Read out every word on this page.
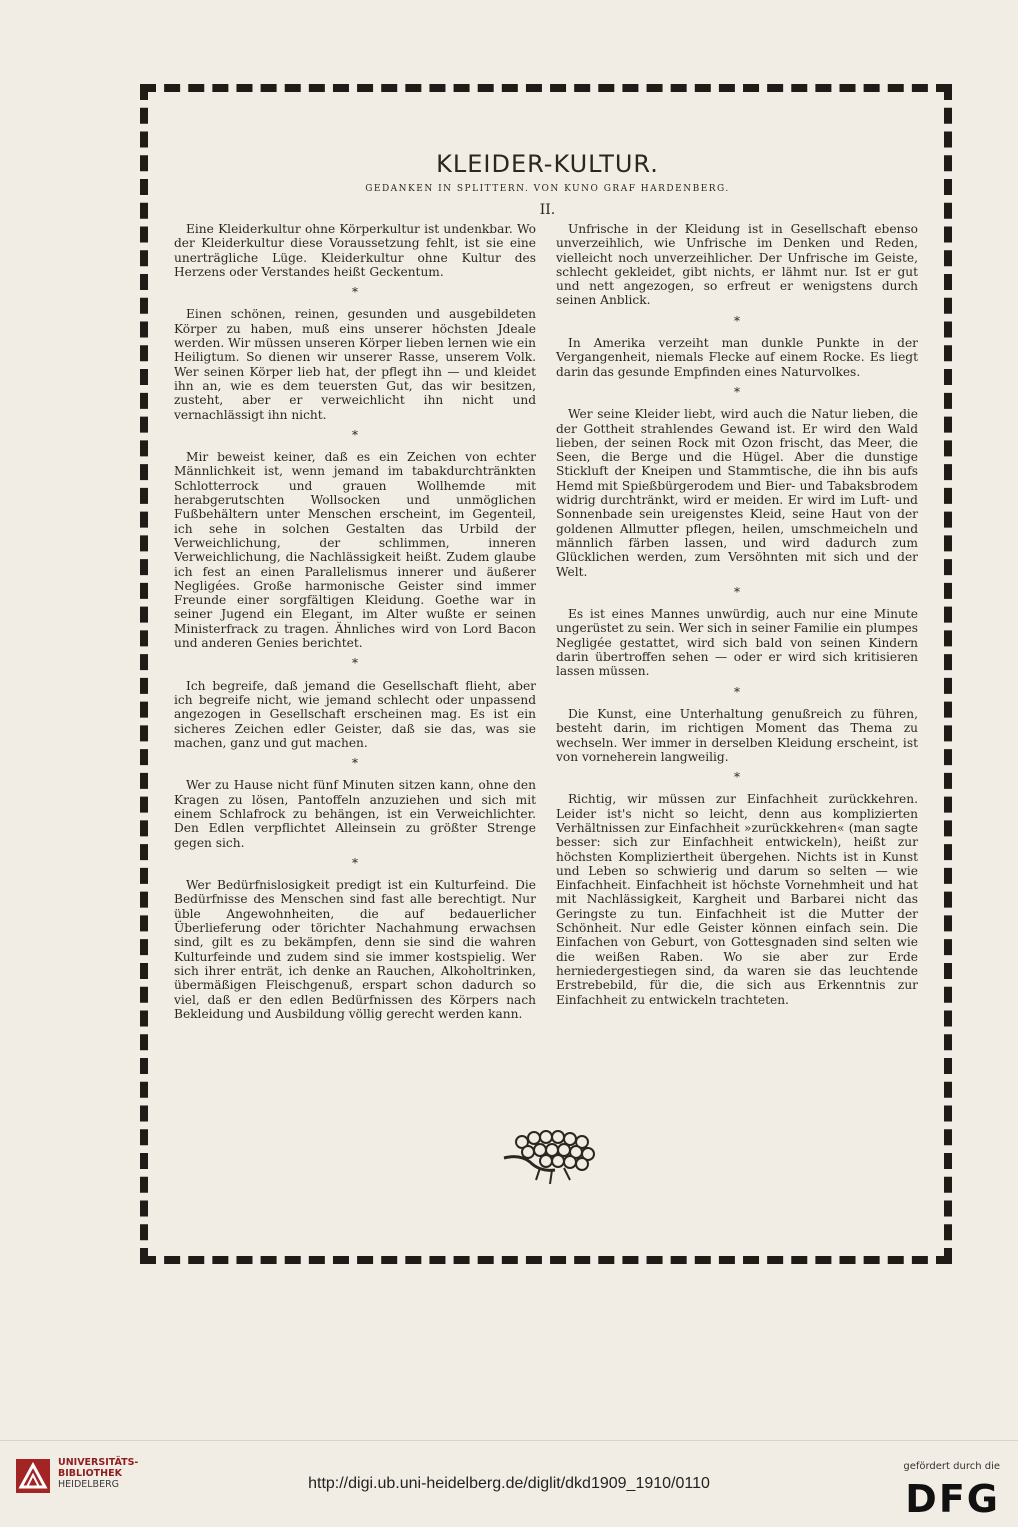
KLEIDER-KULTUR.
GEDANKEN IN SPLITTERN. VON KUNO GRAF HARDENBERG.
II.

Eine Kleiderkultur ohne Körperkultur ist undenkbar. Wo der Kleiderkultur diese Voraussetzung fehlt, ist sie eine unerträgliche Lüge. Kleiderkultur ohne Kultur des Herzens oder Verstandes heißt Geckentum.

*

Einen schönen, reinen, gesunden und ausgebildeten Körper zu haben, muß eins unserer höchsten Jdeale werden. Wir müssen unseren Körper lieben lernen wie ein Heiligtum. So dienen wir unserer Rasse, unserem Volk. Wer seinen Körper lieb hat, der pflegt ihn — und kleidet ihn an, wie es dem teuersten Gut, das wir besitzen, zusteht, aber er verweichlicht ihn nicht und vernachlässigt ihn nicht.

*

Mir beweist keiner, daß es ein Zeichen von echter Männlichkeit ist, wenn jemand im tabakdurchtränkten Schlotterrock und grauen Wollhemde mit herabgerutschten Wollsocken und unmöglichen Fußbehältern unter Menschen erscheint, im Gegenteil, ich sehe in solchen Gestalten das Urbild der Verweichlichung, der schlimmen, inneren Verweichlichung, die Nachlässigkeit heißt. Zudem glaube ich fest an einen Parallelismus innerer und äußerer Negligées. Große harmonische Geister sind immer Freunde einer sorgfältigen Kleidung. Goethe war in seiner Jugend ein Elegant, im Alter wußte er seinen Ministerfrack zu tragen. Ähnliches wird von Lord Bacon und anderen Genies berichtet.

*

Ich begreife, daß jemand die Gesellschaft flieht, aber ich begreife nicht, wie jemand schlecht oder unpassend angezogen in Gesellschaft erscheinen mag. Es ist ein sicheres Zeichen edler Geister, daß sie das, was sie machen, ganz und gut machen.

*

Wer zu Hause nicht fünf Minuten sitzen kann, ohne den Kragen zu lösen, Pantoffeln anzuziehen und sich mit einem Schlafrock zu behängen, ist ein Verweichlichter. Den Edlen verpflichtet Alleinsein zu größter Strenge gegen sich.

*

Wer Bedürfnislosigkeit predigt ist ein Kulturfeind. Die Bedürfnisse des Menschen sind fast alle berechtigt. Nur üble Angewohnheiten, die auf bedauerlicher Überlieferung oder törichter Nachahmung erwachsen sind, gilt es zu bekämpfen, denn sie sind die wahren Kulturfeinde und zudem sind sie immer kostspielig. Wer sich ihrer enträt, ich denke an Rauchen, Alkoholtrinken, übermäßigen Fleischgenuß, erspart schon dadurch so viel, daß er den edlen Bedürfnissen des Körpers nach Bekleidung und Ausbildung völlig gerecht werden kann.

Unfrische in der Kleidung ist in Gesellschaft ebenso unverzeihlich, wie Unfrische im Denken und Reden, vielleicht noch unverzeihlicher. Der Unfrische im Geiste, schlecht gekleidet, gibt nichts, er lähmt nur. Ist er gut und nett angezogen, so erfreut er wenigstens durch seinen Anblick.

*

In Amerika verzeiht man dunkle Punkte in der Vergangenheit, niemals Flecke auf einem Rocke. Es liegt darin das gesunde Empfinden eines Naturvolkes.

*

Wer seine Kleider liebt, wird auch die Natur lieben, die der Gottheit strahlendes Gewand ist. Er wird den Wald lieben, der seinen Rock mit Ozon frischt, das Meer, die Seen, die Berge und die Hügel. Aber die dunstige Stickluft der Kneipen und Stammtische, die ihn bis aufs Hemd mit Spießbürgerodem und Bier- und Tabaksbrodem widrig durchtränkt, wird er meiden. Er wird im Luft- und Sonnenbade sein ureigenstes Kleid, seine Haut von der goldenen Allmutter pflegen, heilen, umschmeicheln und männlich färben lassen, und wird dadurch zum Glücklichen werden, zum Versöhnten mit sich und der Welt.

*

Es ist eines Mannes unwürdig, auch nur eine Minute ungerüstet zu sein. Wer sich in seiner Familie ein plumpes Negligée gestattet, wird sich bald von seinen Kindern darin übertroffen sehen — oder er wird sich kritisieren lassen müssen.

*

Die Kunst, eine Unterhaltung genußreich zu führen, besteht darin, im richtigen Moment das Thema zu wechseln. Wer immer in derselben Kleidung erscheint, ist von vorneherein langweilig.

*

Richtig, wir müssen zur Einfachheit zurückkehren. Leider ist's nicht so leicht, denn aus komplizierten Verhältnissen zur Einfachheit »zurückkehren« (man sagte besser: sich zur Einfachheit entwickeln), heißt zur höchsten Kompliziertheit übergehen. Nichts ist in Kunst und Leben so schwierig und darum so selten — wie Einfachheit. Einfachheit ist höchste Vornehmheit und hat mit Nachlässigkeit, Kargheit und Barbarei nicht das Geringste zu tun. Einfachheit ist die Mutter der Schönheit. Nur edle Geister können einfach sein. Die Einfachen von Geburt, von Gottesgnaden sind selten wie die weißen Raben. Wo sie aber zur Erde herniedergestiegen sind, da waren sie das leuchtende Erstrebebild, für die, die sich aus Erkenntnis zur Einfachheit zu entwickeln trachteten.

UNIVERSITÄTS-
BIBLIOTHEK
HEIDELBERG	http://digi.ub.uni-heidelberg.de/diglit/dkd1909_1910/0110
gefördert durch die
DFG
